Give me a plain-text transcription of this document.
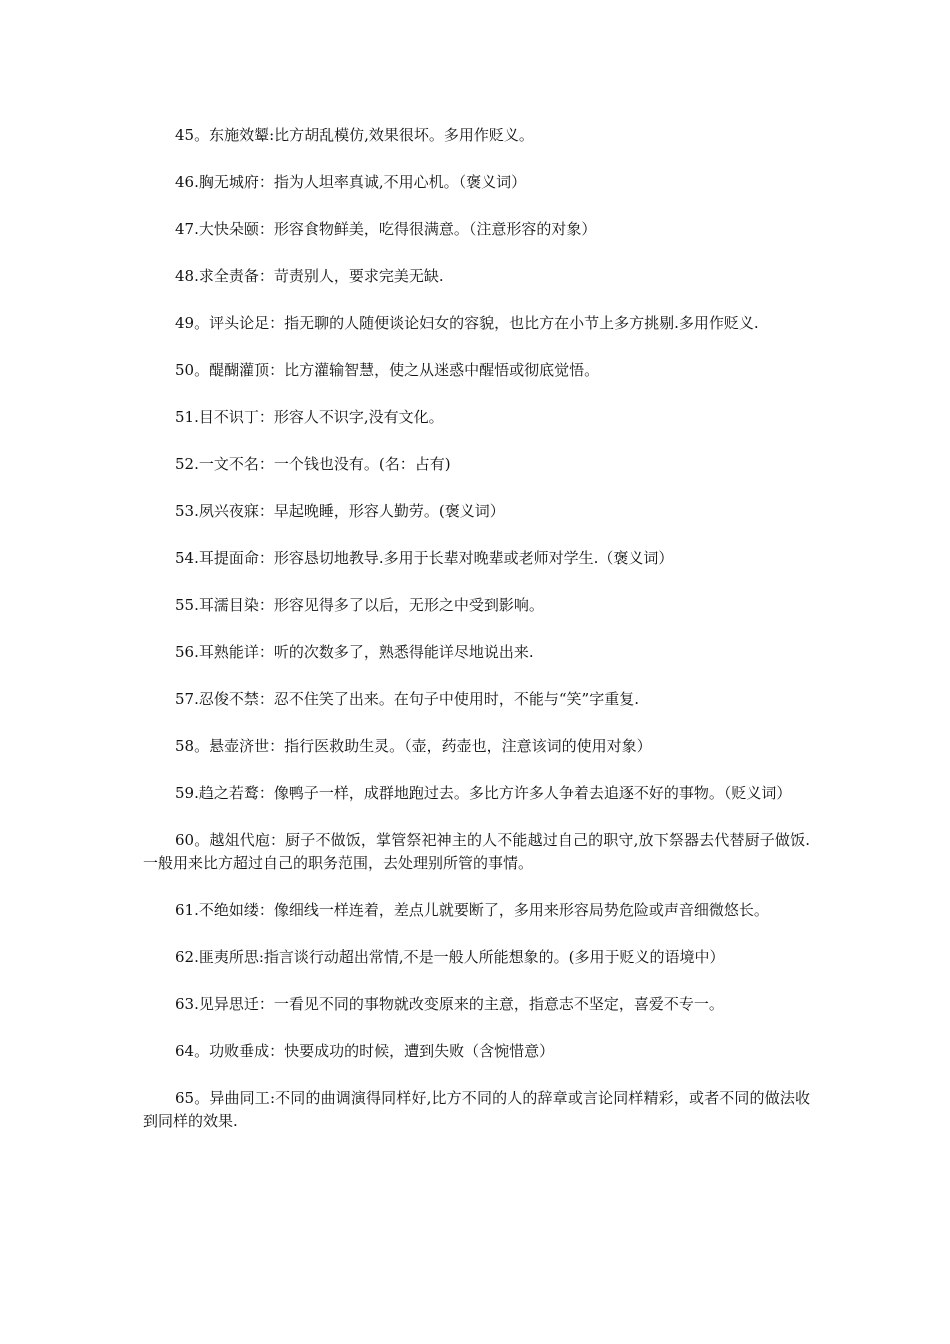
45。东施效颦:比方胡乱模仿,效果很坏。多用作贬义。

46.胸无城府：指为人坦率真诚,不用心机。（褒义词）

47.大快朵颐：形容食物鲜美，吃得很满意。（注意形容的对象）

48.求全责备：苛责别人，要求完美无缺.

49。评头论足：指无聊的人随便谈论妇女的容貌，也比方在小节上多方挑剔.多用作贬义.

50。醍醐灌顶：比方灌输智慧，使之从迷惑中醒悟或彻底觉悟。

51.目不识丁：形容人不识字,没有文化。

52.一文不名：一个钱也没有。(名：占有)

53.夙兴夜寐：早起晚睡，形容人勤劳。(褒义词）

54.耳提面命：形容恳切地教导.多用于长辈对晚辈或老师对学生.（褒义词）

55.耳濡目染：形容见得多了以后，无形之中受到影响。

56.耳熟能详：听的次数多了，熟悉得能详尽地说出来.

57.忍俊不禁：忍不住笑了出来。在句子中使用时，不能与“笑”字重复.

58。悬壶济世：指行医救助生灵。（壶，药壶也，注意该词的使用对象）

59.趋之若鹜：像鸭子一样，成群地跑过去。多比方许多人争着去追逐不好的事物。（贬义词）

60。越俎代庖：厨子不做饭，掌管祭祀神主的人不能越过自己的职守,放下祭器去代替厨子做饭.一般用来比方超过自己的职务范围，去处理别所管的事情。

61.不绝如缕：像细线一样连着，差点儿就要断了，多用来形容局势危险或声音细微悠长。

62.匪夷所思:指言谈行动超出常情,不是一般人所能想象的。(多用于贬义的语境中）

63.见异思迁：一看见不同的事物就改变原来的主意，指意志不坚定，喜爱不专一。

64。功败垂成：快要成功的时候，遭到失败（含惋惜意）

65。异曲同工:不同的曲调演得同样好,比方不同的人的辞章或言论同样精彩，或者不同的做法收到同样的效果.
